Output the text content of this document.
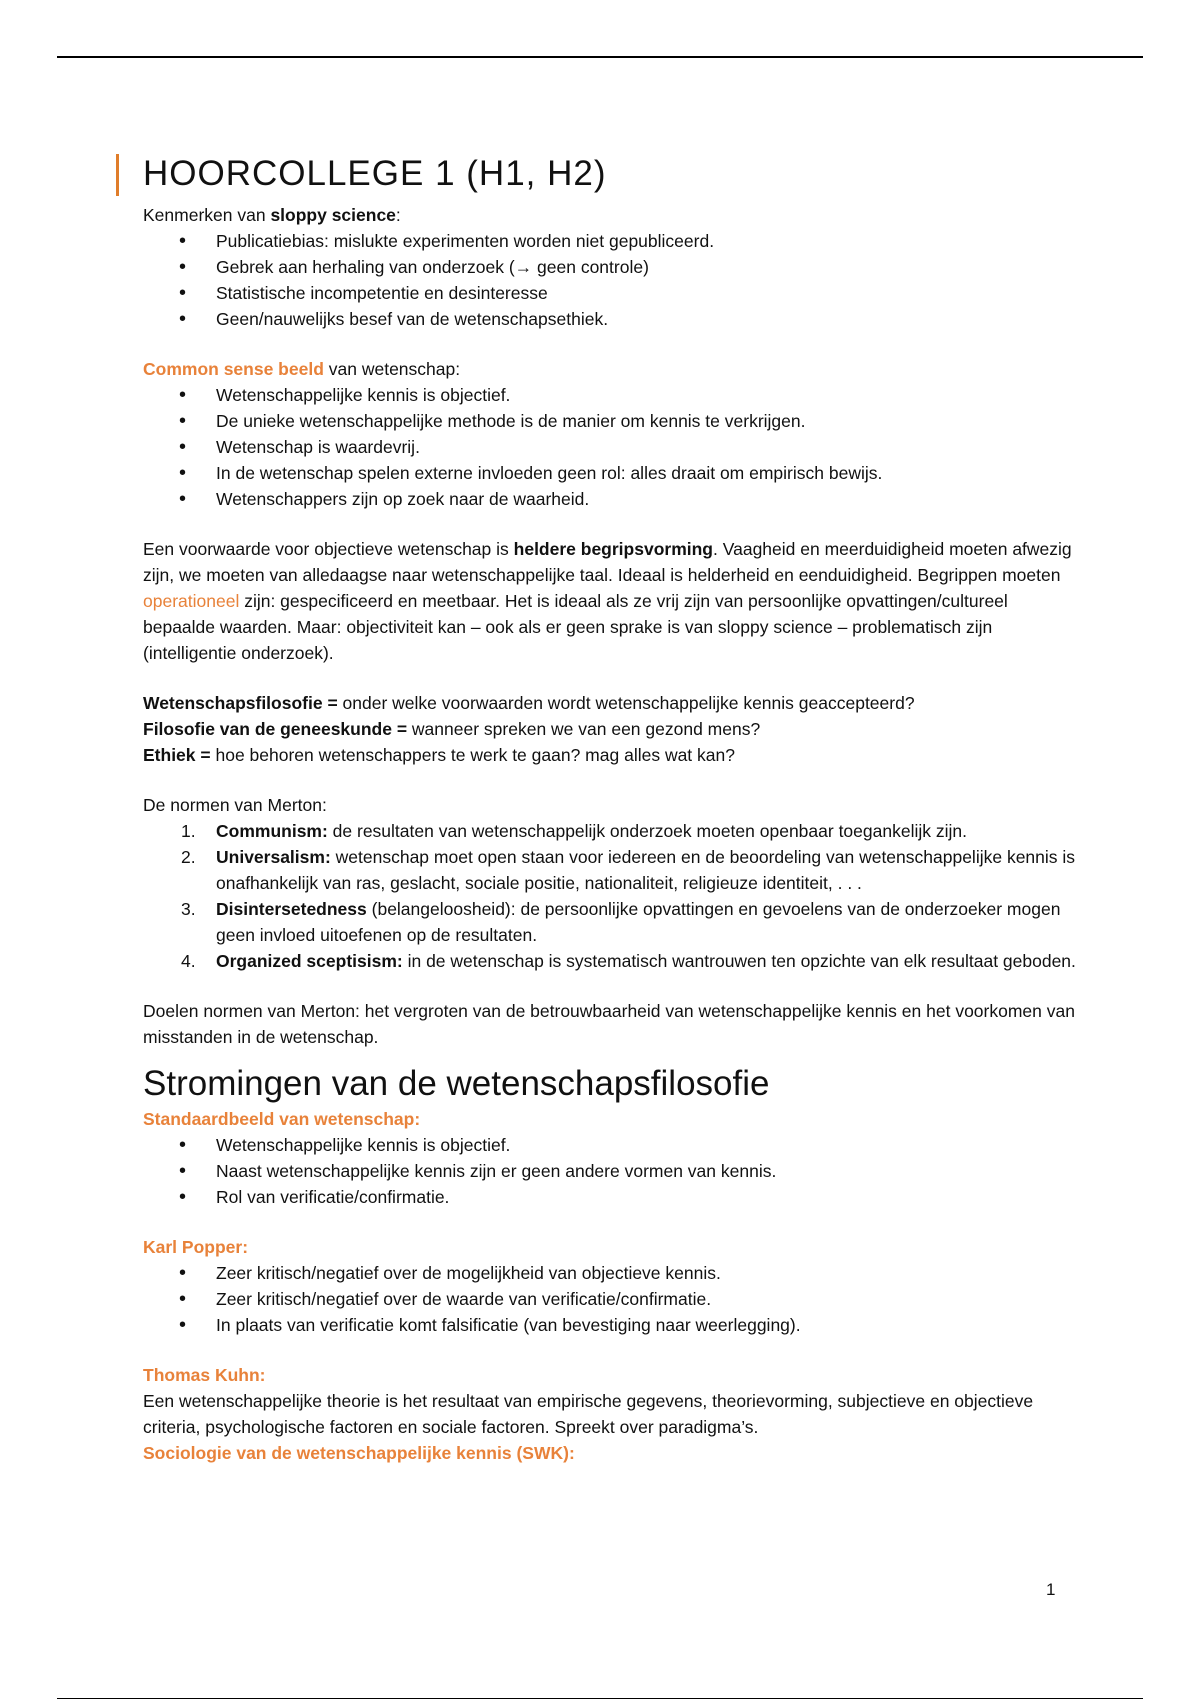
HOORCOLLEGE 1 (H1, H2)

Kenmerken van sloppy science:

• Publicatiebias: mislukte experimenten worden niet gepubliceerd.
• Gebrek aan herhaling van onderzoek (→ geen controle)
• Statistische incompetentie en desinteresse
• Geen/nauwelijks besef van de wetenschapsethiek.

Common sense beeld van wetenschap:

• Wetenschappelijke kennis is objectief.
• De unieke wetenschappelijke methode is de manier om kennis te verkrijgen.
• Wetenschap is waardevrij.
• In de wetenschap spelen externe invloeden geen rol: alles draait om empirisch bewijs.
• Wetenschappers zijn op zoek naar de waarheid.

Een voorwaarde voor objectieve wetenschap is heldere begripsvorming. Vaagheid en meerduidigheid moeten afwezig zijn, we moeten van alledaagse naar wetenschappelijke taal. Ideaal is helderheid en eenduidigheid. Begrippen moeten operationeel zijn: gespecificeerd en meetbaar. Het is ideaal als ze vrij zijn van persoonlijke opvattingen/cultureel bepaalde waarden. Maar: objectiviteit kan – ook als er geen sprake is van sloppy science – problematisch zijn (intelligentie onderzoek).

Wetenschapsfilosofie = onder welke voorwaarden wordt wetenschappelijke kennis geaccepteerd?

Filosofie van de geneeskunde = wanneer spreken we van een gezond mens?

Ethiek = hoe behoren wetenschappers te werk te gaan? mag alles wat kan?

De normen van Merton:

1. Communism: de resultaten van wetenschappelijk onderzoek moeten openbaar toegankelijk zijn.
2. Universalism: wetenschap moet open staan voor iedereen en de beoordeling van wetenschappelijke kennis is onafhankelijk van ras, geslacht, sociale positie, nationaliteit, religieuze identiteit, . . .
3. Disintersetedness (belangeloosheid): de persoonlijke opvattingen en gevoelens van de onderzoeker mogen geen invloed uitoefenen op de resultaten.
4. Organized sceptisism: in de wetenschap is systematisch wantrouwen ten opzichte van elk resultaat geboden.

Doelen normen van Merton: het vergroten van de betrouwbaarheid van wetenschappelijke kennis en het voorkomen van misstanden in de wetenschap.

Stromingen van de wetenschapsfilosofie

Standaardbeeld van wetenschap:

• Wetenschappelijke kennis is objectief.
• Naast wetenschappelijke kennis zijn er geen andere vormen van kennis.
• Rol van verificatie/confirmatie.

Karl Popper:

• Zeer kritisch/negatief over de mogelijkheid van objectieve kennis.
• Zeer kritisch/negatief over de waarde van verificatie/confirmatie.
• In plaats van verificatie komt falsificatie (van bevestiging naar weerlegging).

Thomas Kuhn:

Een wetenschappelijke theorie is het resultaat van empirische gegevens, theorievorming, subjectieve en objectieve criteria, psychologische factoren en sociale factoren. Spreekt over paradigma’s.

Sociologie van de wetenschappelijke kennis (SWK):

1
